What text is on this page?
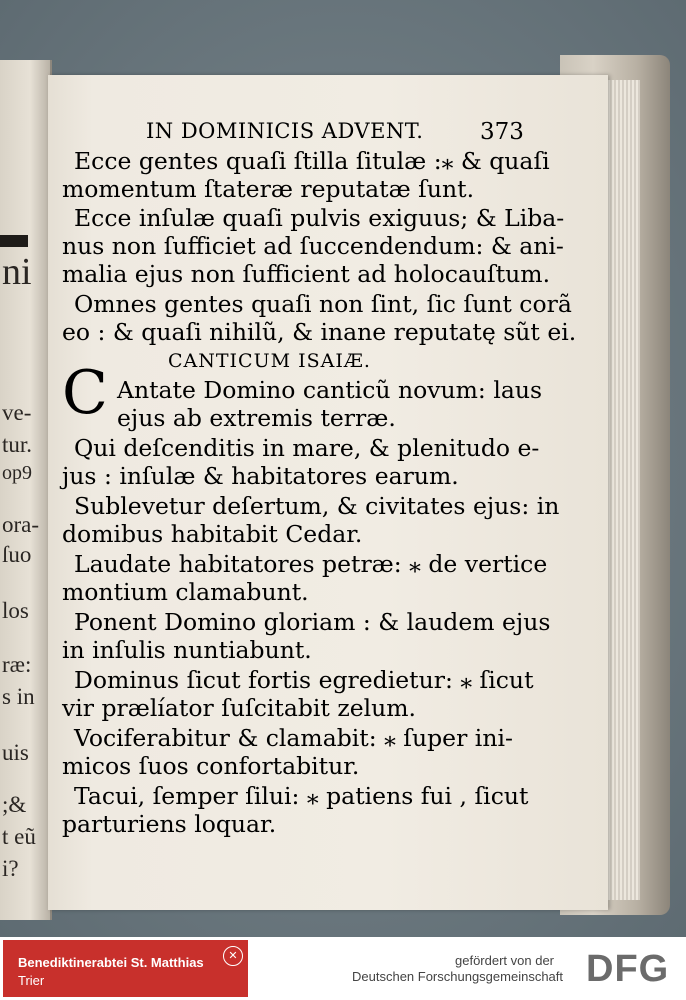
ni
ve-
tur.
op9
ora-
ſuo
los
ræ:
s in
uis
;&
t eũ
i?
IN DOMINICIS ADVENT. 373
Ecce gentes quaſi ſtilla ſitulæ :⁎ & quaſi
momentum ſtateræ reputatæ ſunt.
Ecce inſulæ quaſi pulvis exiguus; & Liba-
nus non ſufficiet ad ſuccendendum: & ani-
malia ejus non ſufficient ad holocauſtum.
Omnes gentes quaſi non ſint, ſic ſunt corã
eo : & quaſi nihilũ, & inane reputatę sũt ei.
CANTICUM ISAIÆ.
C Antate Domino canticũ novum: laus
ejus ab extremis terræ.
Qui deſcenditis in mare, & plenitudo e-
jus : inſulæ & habitatores earum.
Sublevetur deſertum, & civitates ejus: in
domibus habitabit Cedar.
Laudate habitatores petræ: ⁎ de vertice
montium clamabunt.
Ponent Domino gloriam : & laudem ejus
in inſulis nuntiabunt.
Dominus ſicut fortis egredietur: ⁎ ſicut
vir prælíator ſuſcitabit zelum.
Vociferabitur & clamabit: ⁎ ſuper ini-
micos ſuos confortabitur.
Tacui, ſemper ſilui: ⁎ patiens fui , ſicut
parturiens loquar.
Benediktinerabtei St. Matthias
Trier
✕	gefördert von der
Deutschen Forschungsgemeinschaft DFG
